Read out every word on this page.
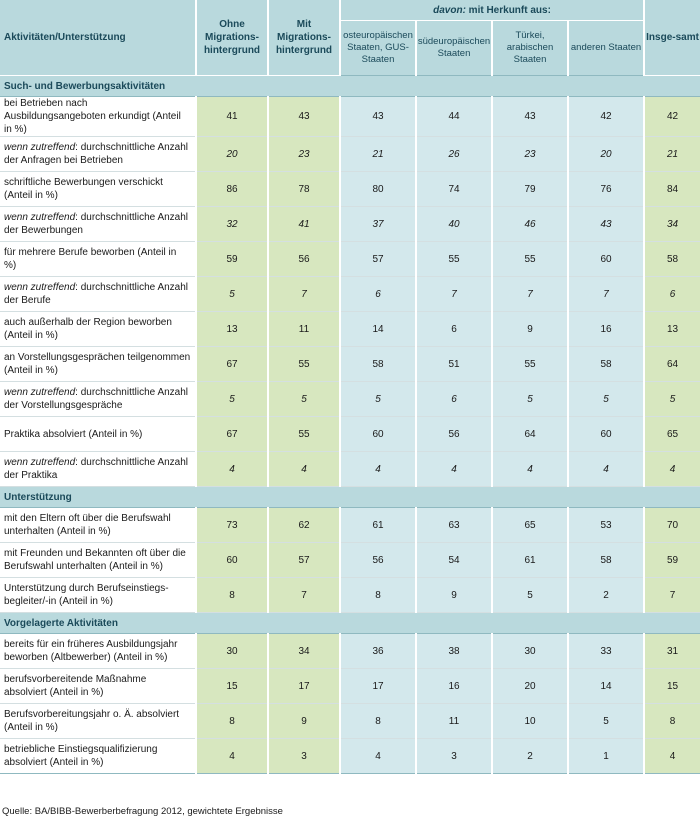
Aktivitäten/Unterstützung	Ohne Migrations-hintergrund	Mit Migrations-hintergrund	davon: mit Herkunft aus:				Insge-samt
			osteuropäischen Staaten, GUS-Staaten	südeuropäischen Staaten	Türkei, arabischen Staaten	anderen Staaten	
Such- und Bewerbungsaktivitäten							
bei Betrieben nach Ausbildungsangeboten erkundigt (Anteil in %)	41	43	43	44	43	42	42
wenn zutreffend: durchschnittliche Anzahl der Anfragen bei Betrieben	20	23	21	26	23	20	21
schriftliche Bewerbungen verschickt (Anteil in %)	86	78	80	74	79	76	84
wenn zutreffend: durchschnittliche Anzahl der Bewerbungen	32	41	37	40	46	43	34
für mehrere Berufe beworben (Anteil in %)	59	56	57	55	55	60	58
wenn zutreffend: durchschnittliche Anzahl der Berufe	5	7	6	7	7	7	6
auch außerhalb der Region beworben (Anteil in %)	13	11	14	6	9	16	13
an Vorstellungsgesprächen teilgenommen (Anteil in %)	67	55	58	51	55	58	64
wenn zutreffend: durchschnittliche Anzahl der Vorstellungsgespräche	5	5	5	6	5	5	5
Praktika absolviert (Anteil in %)	67	55	60	56	64	60	65
wenn zutreffend: durchschnittliche Anzahl der Praktika	4	4	4	4	4	4	4
Unterstützung							
mit den Eltern oft über die Berufswahl unterhalten (Anteil in %)	73	62	61	63	65	53	70
mit Freunden und Bekannten oft über die Berufswahl unterhalten (Anteil in %)	60	57	56	54	61	58	59
Unterstützung durch Berufseinstiegs-begleiter/-in (Anteil in %)	8	7	8	9	5	2	7
Vorgelagerte Aktivitäten							
bereits für ein früheres Ausbildungsjahr beworben (Altbewerber) (Anteil in %)	30	34	36	38	30	33	31
berufsvorbereitende Maßnahme absolviert (Anteil in %)	15	17	17	16	20	14	15
Berufsvorbereitungsjahr o. Ä. absolviert (Anteil in %)	8	9	8	11	10	5	8
betriebliche Einstiegsqualifizierung absolviert (Anteil in %)	4	3	4	3	2	1	4
Quelle: BA/BIBB-Bewerberbefragung 2012, gewichtete Ergebnisse
